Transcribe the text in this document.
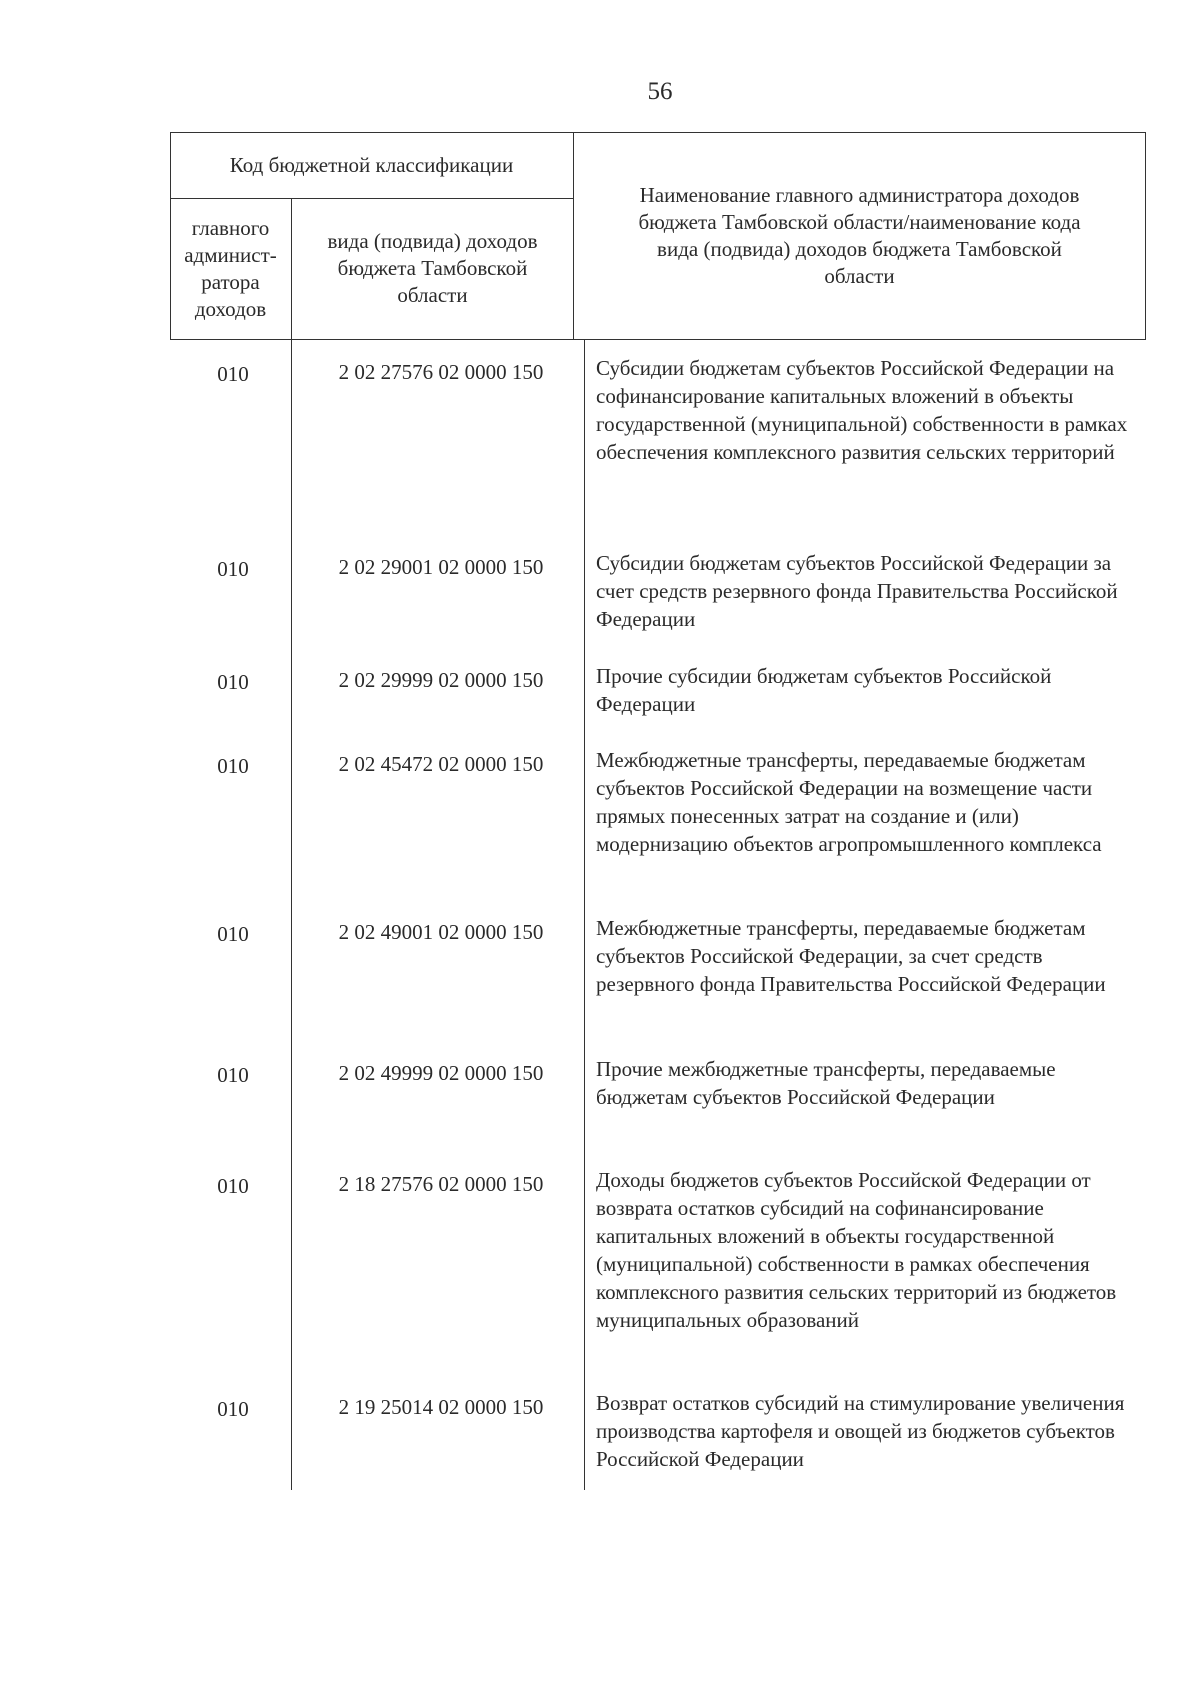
56
Код бюджетной классификации
главного
админист-
ратора
доходов
вида (подвида) доходов
бюджета Тамбовской
области
Наименование главного администратора доходов
бюджета Тамбовской области/наименование кода
вида (подвида) доходов бюджета Тамбовской
области
010	2 02 27576 02 0000 150	Субсидии бюджетам субъектов Российской Федерации на софинансирование капитальных вложений в объекты государственной (муниципальной) собственности в рамках обеспечения комплексного развития сельских территорий
010	2 02 29001 02 0000 150	Субсидии бюджетам субъектов Российской Федерации за счет средств резервного фонда Правительства Российской Федерации
010	2 02 29999 02 0000 150	Прочие субсидии бюджетам субъектов Российской Федерации
010	2 02 45472 02 0000 150	Межбюджетные трансферты, передаваемые бюджетам субъектов Российской Федерации на возмещение части прямых понесенных затрат на создание и (или) модернизацию объектов агропромышленного комплекса
010	2 02 49001 02 0000 150	Межбюджетные трансферты, передаваемые бюджетам субъектов Российской Федерации, за счет средств резервного фонда Правительства Российской Федерации
010	2 02 49999 02 0000 150	Прочие межбюджетные трансферты, передаваемые бюджетам субъектов Российской Федерации
010	2 18 27576 02 0000 150	Доходы бюджетов субъектов Российской Федерации от возврата остатков субсидий на софинансирование капитальных вложений в объекты государственной (муниципальной) собственности в рамках обеспечения комплексного развития сельских территорий из бюджетов муниципальных образований
010	2 19 25014 02 0000 150	Возврат остатков субсидий на стимулирование увеличения производства картофеля и овощей из бюджетов субъектов Российской Федерации
